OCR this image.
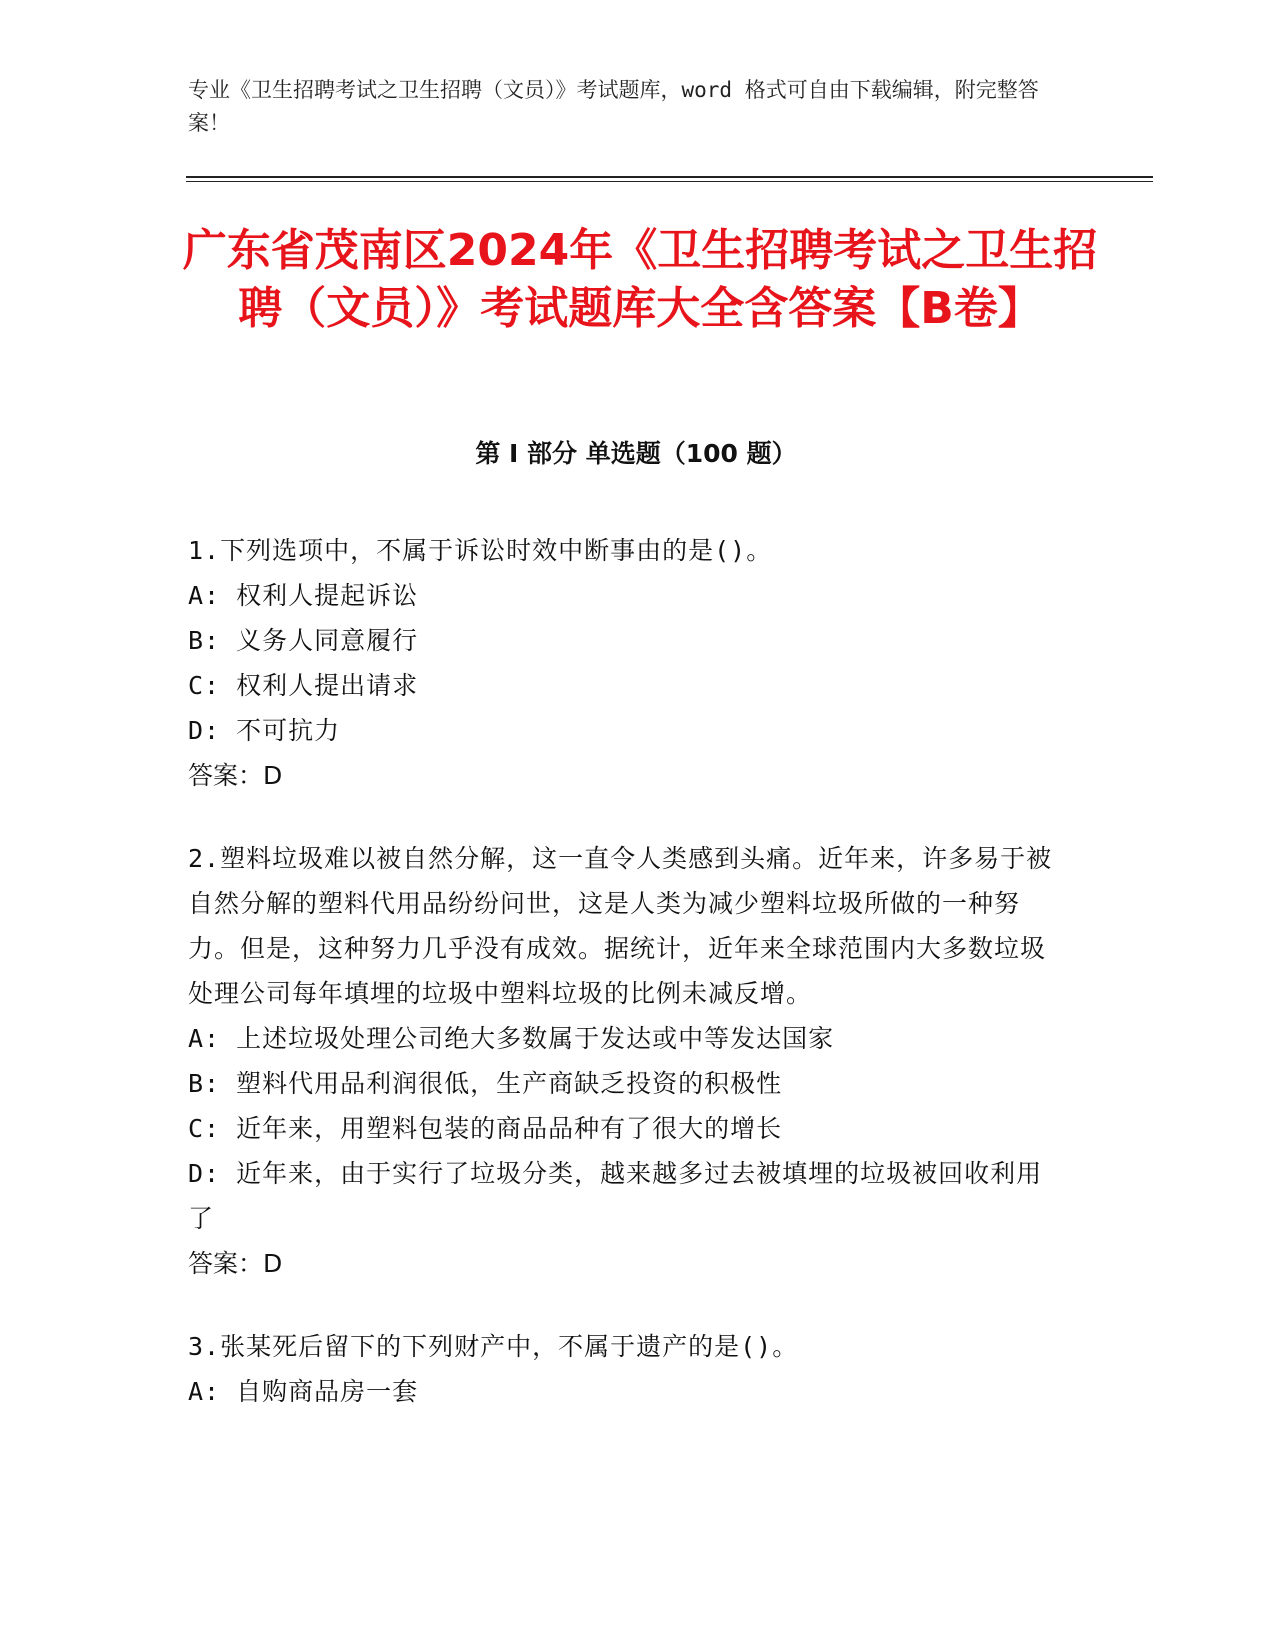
专业《卫生招聘考试之卫生招聘（文员）》考试题库，word 格式可自由下载编辑，附完整答案！
广东省茂南区2024年《卫生招聘考试之卫生招聘（文员）》考试题库大全含答案【B卷】
第 I 部分 单选题（100 题）
1.下列选项中，不属于诉讼时效中断事由的是()。
A: 权利人提起诉讼
B: 义务人同意履行
C: 权利人提出请求
D: 不可抗力
答案：D
2.塑料垃圾难以被自然分解，这一直令人类感到头痛。近年来，许多易于被自然分解的塑料代用品纷纷问世，这是人类为减少塑料垃圾所做的一种努力。但是，这种努力几乎没有成效。据统计，近年来全球范围内大多数垃圾处理公司每年填埋的垃圾中塑料垃圾的比例未减反增。
A: 上述垃圾处理公司绝大多数属于发达或中等发达国家
B: 塑料代用品利润很低，生产商缺乏投资的积极性
C: 近年来，用塑料包装的商品品种有了很大的增长
D: 近年来，由于实行了垃圾分类，越来越多过去被填埋的垃圾被回收利用了
答案：D
3.张某死后留下的下列财产中，不属于遗产的是()。
A: 自购商品房一套
